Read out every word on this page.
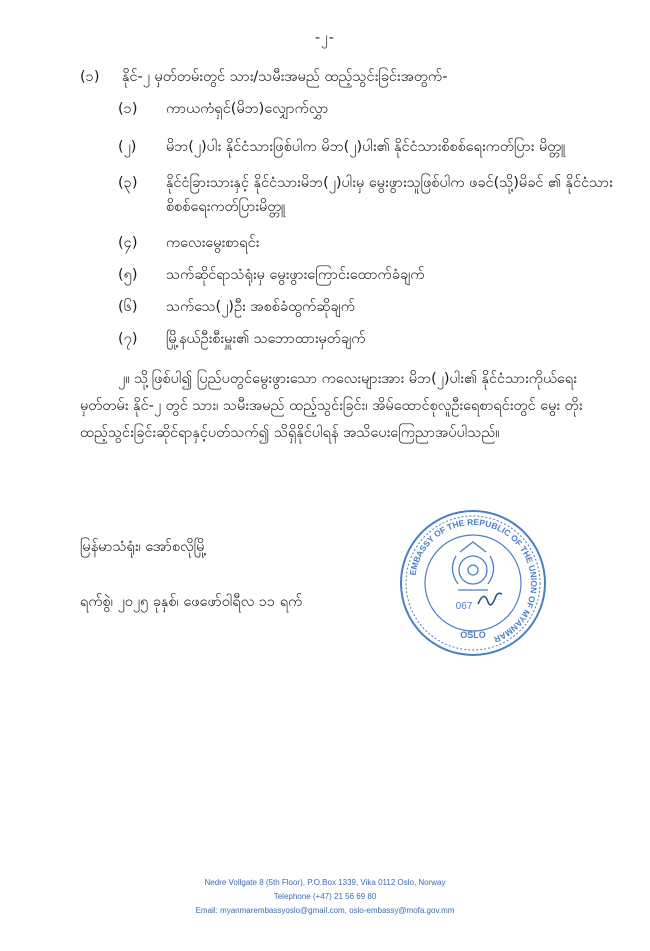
-၂-
(၁) နိုင်-၂ မှတ်တမ်းတွင် သား/သမီးအမည် ထည့်သွင်းခြင်းအတွက်-
(၁) ကာယကံရှင်(မိဘ)လျှောက်လွှာ
(၂) မိဘ(၂)ပါး နိုင်ငံသားဖြစ်ပါက မိဘ(၂)ပါး၏ နိုင်ငံသားစိစစ်ရေးကတ်ပြား မိတ္တူ
(၃) နိုင်ငံခြားသားနှင့် နိုင်ငံသားမိဘ(၂)ပါးမှ မွေးဖွားသူဖြစ်ပါက ဖခင်(သို့)မိခင် ၏ နိုင်ငံသားစိစစ်ရေးကတ်ပြားမိတ္တူ
(၄) ကလေးမွေးစာရင်း
(၅) သက်ဆိုင်ရာသံရုံးမှ မွေးဖွားကြောင်းထောက်ခံချက်
(၆) သက်သေ(၂)ဦး အစစ်ခံထွက်ဆိုချက်
(၇) မြို့နယ်ဦးစီးမှူး၏ သဘောထားမှတ်ချက်
၂။ သို့ဖြစ်ပါ၍ ပြည်ပတွင်မွေးဖွားသော ကလေးများအား မိဘ(၂)ပါး၏ နိုင်ငံသားကိုယ်ရေး မှတ်တမ်း နိုင်-၂ တွင် သား၊ သမီးအမည် ထည့်သွင်းခြင်း၊ အိမ်ထောင်စုလူဦးရေစာရင်းတွင် မွေး တိုးထည့်သွင်းခြင်းဆိုင်ရာနှင့်ပတ်သက်၍ သိရှိနိုင်ပါရန် အသိပေးကြေညာအပ်ပါသည်။
မြန်မာသံရုံး၊ အော်စလိုမြို့
ရက်စွဲ၊ ၂၀၂၅ ခုနှစ်၊ ဖေဖော်ဝါရီလ ၁၁ ရက်
EMBASSY OF THE REPUBLIC OF THE UNION OF MYANMAR
067
OSLO
Nedre Vollgate 8 (5th Floor), P.O.Box 1339, Vika 0112 Oslo, Norway
Telephone (+47) 21 56 69 80
Email: myanmarembassyoslo@gmail.com, oslo-embassy@mofa.gov.mm
